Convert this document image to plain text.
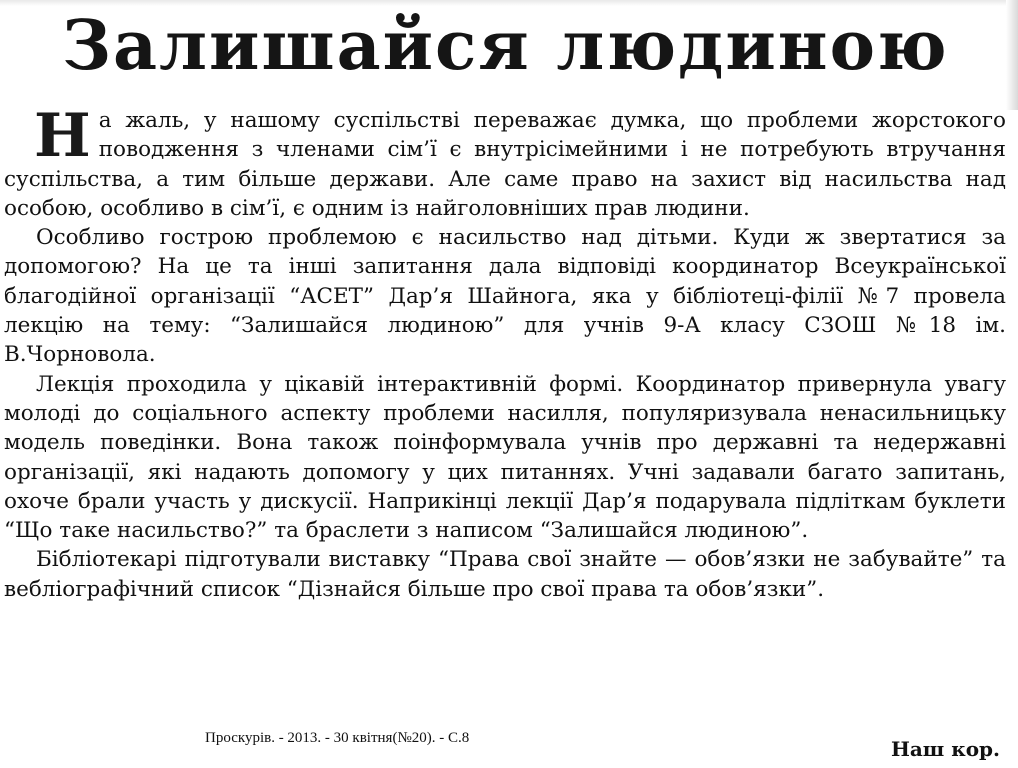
Залишайся людиною

На жаль, у нашому суспільстві переважає думка, що проблеми жорстокого поводження з членами сім’ї є внутрісімейними і не потребують втручання суспільства, а тим більше держави. Але саме право на захист від насильства над особою, особливо в сім’ї, є одним із найголовніших прав людини.

Особливо гострою проблемою є насильство над дітьми. Куди ж звертатися за допомогою? На це та інші запитання дала відповіді координатор Всеукраїнської благодійної організації “АСЕТ” Дар’я Шайнога, яка у бібліотеці-філії №7 провела лекцію на тему: “Залишайся людиною” для учнів 9-А класу СЗОШ №18 ім. В.Чорновола.

Лекція проходила у цікавій інтерактивній формі. Координатор привернула увагу молоді до соціального аспекту проблеми насилля, популяризувала ненасильницьку модель поведінки. Вона також поінформувала учнів про державні та недержавні організації, які надають допомогу у цих питаннях. Учні задавали багато запитань, охоче брали участь у дискусії. Наприкінці лекції Дар’я подарувала підліткам буклети “Що таке насильство?” та браслети з написом “Залишайся людиною”.

Бібліотекарі підготували виставку “Права свої знайте — обов’язки не забувайте” та вебліографічний список “Дізнайся більше про свої права та обов’язки”.

Проскурів. - 2013. - 30 квітня(№20). - С.8	Наш кор.
